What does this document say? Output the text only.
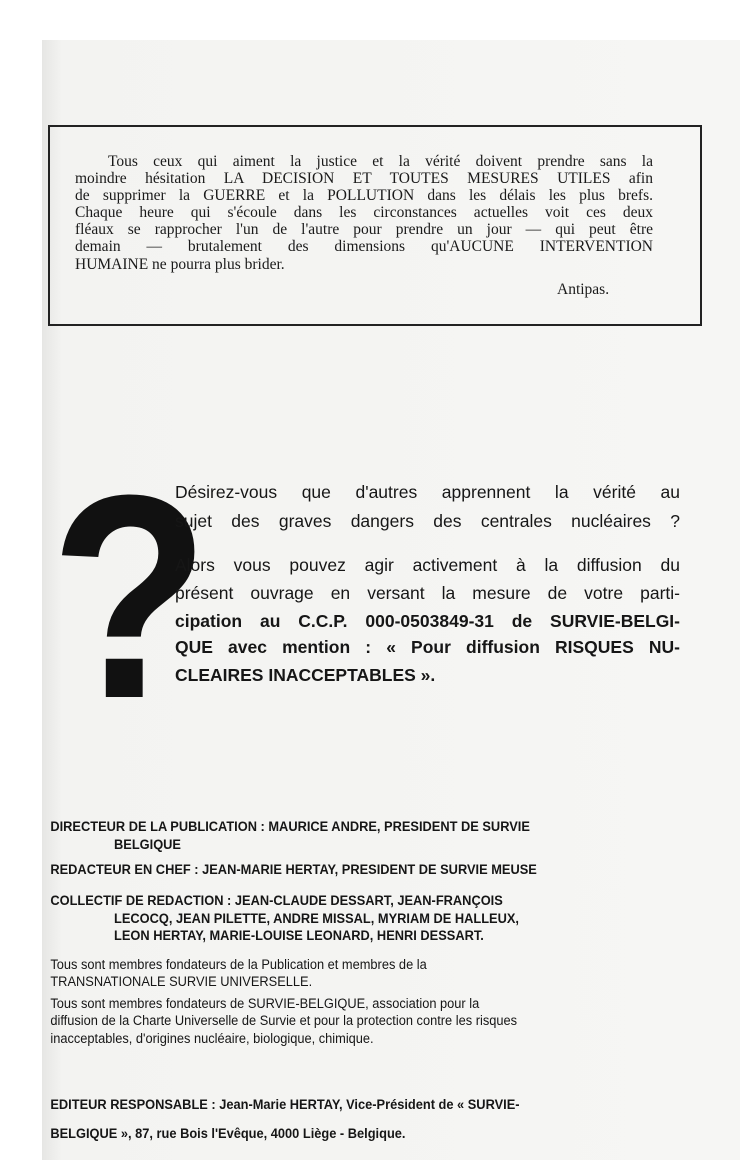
Tous ceux qui aiment la justice et la vérité doivent prendre sans la
moindre hésitation LA DECISION ET TOUTES MESURES UTILES afin
de supprimer la GUERRE et la POLLUTION dans les délais les plus brefs.
Chaque heure qui s'écoule dans les circonstances actuelles voit ces deux
fléaux se rapprocher l'un de l'autre pour prendre un jour — qui peut être
demain — brutalement des dimensions qu'AUCUNE INTERVENTION
HUMAINE ne pourra plus brider.
Antipas.
?
Désirez-vous que d'autres apprennent la vérité au
sujet des graves dangers des centrales nucléaires ?
Alors vous pouvez agir activement à la diffusion du
présent ouvrage en versant la mesure de votre parti-
cipation au C.C.P. 000-0503849-31 de SURVIE-BELGI-
QUE avec mention : « Pour diffusion RISQUES NU-
CLEAIRES INACCEPTABLES ».
DIRECTEUR DE LA PUBLICATION : MAURICE ANDRE, PRESIDENT DE SURVIE
BELGIQUE
REDACTEUR EN CHEF : JEAN-MARIE HERTAY, PRESIDENT DE SURVIE MEUSE
COLLECTIF DE REDACTION : JEAN-CLAUDE DESSART, JEAN-FRANÇOIS
LECOCQ, JEAN PILETTE, ANDRE MISSAL, MYRIAM DE HALLEUX,
LEON HERTAY, MARIE-LOUISE LEONARD, HENRI DESSART.
Tous sont membres fondateurs de la Publication et membres de la
TRANSNATIONALE SURVIE UNIVERSELLE.
Tous sont membres fondateurs de SURVIE-BELGIQUE, association pour la
diffusion de la Charte Universelle de Survie et pour la protection contre les risques
inacceptables, d'origines nucléaire, biologique, chimique.
EDITEUR RESPONSABLE : Jean-Marie HERTAY, Vice-Président de « SURVIE-
BELGIQUE », 87, rue Bois l'Evêque, 4000 Liège - Belgique.
